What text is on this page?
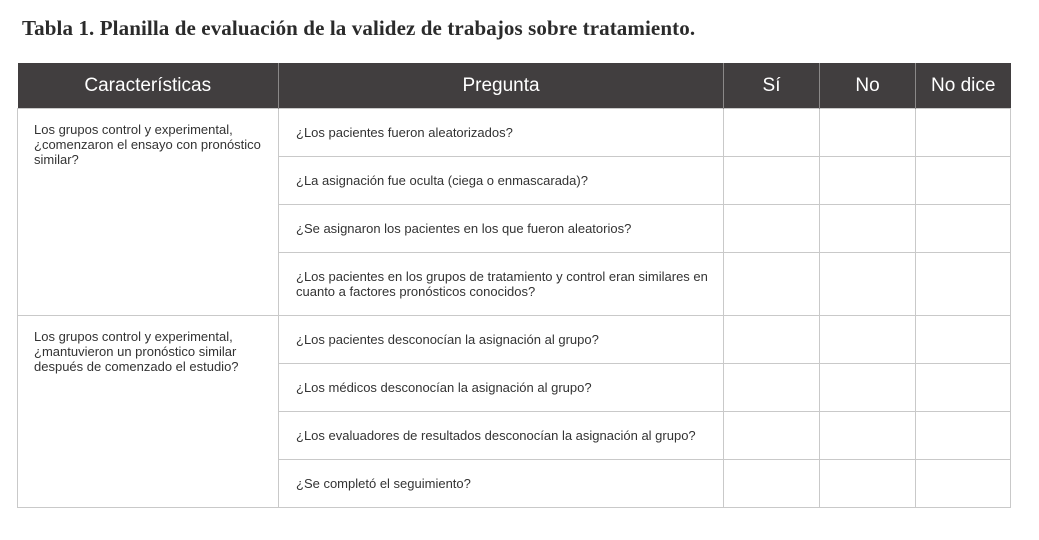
Tabla 1. Planilla de evaluación de la validez de trabajos sobre tratamiento.
Características	Pregunta	Sí	No	No dice
Los grupos control y experimental, ¿comenzaron el ensayo con pronóstico similar?	¿Los pacientes fueron aleatorizados?			
	¿La asignación fue oculta (ciega o enmascarada)?			
	¿Se asignaron los pacientes en los que fueron aleatorios?			
	¿Los pacientes en los grupos de tratamiento y control eran similares en cuanto a factores pronósticos conocidos?			
Los grupos control y experimental, ¿mantuvieron un pronóstico similar después de comenzado el estudio?	¿Los pacientes desconocían la asignación al grupo?			
	¿Los médicos desconocían la asignación al grupo?			
	¿Los evaluadores de resultados desconocían la asignación al grupo?			
	¿Se completó el seguimiento?			
